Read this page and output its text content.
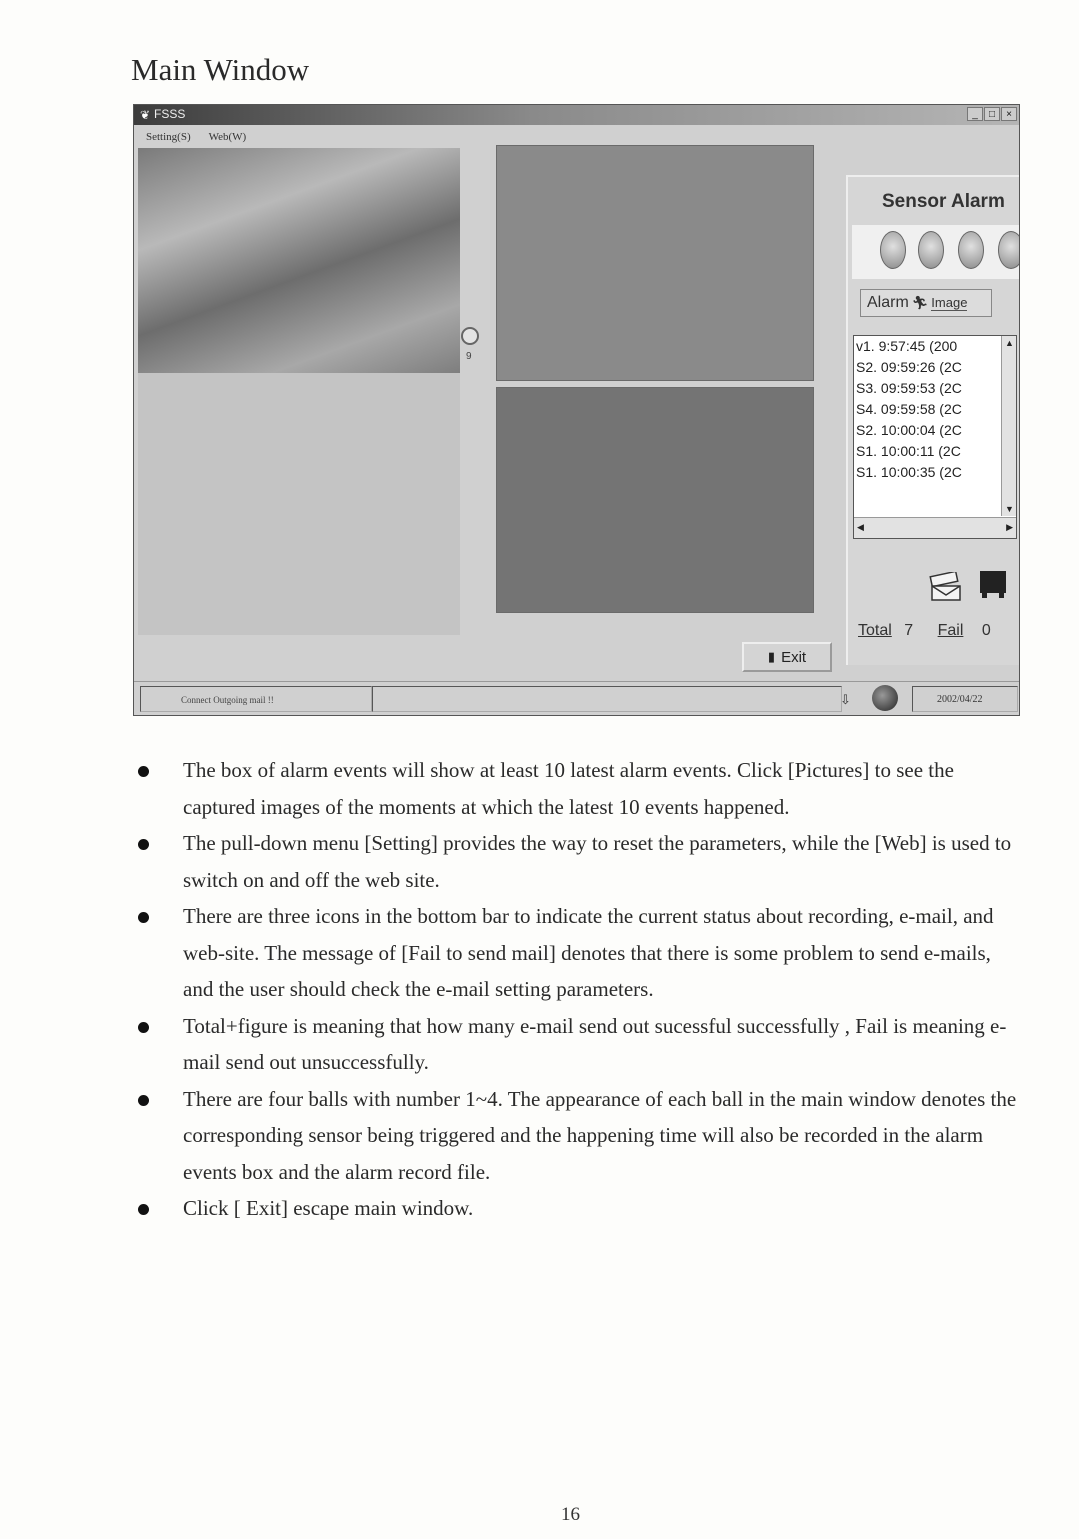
Main Window
❦ FSSS	_	□	×
Setting(S) Web(W)
9
▮ Exit
Sensor Alarm
Alarm 🏃︎ Image
v1. 9:57:45 (200
S2. 09:59:26 (2C
S3. 09:59:53 (2C
S4. 09:59:58 (2C
S2. 10:00:04 (2C
S1. 10:00:11 (2C
S1. 10:00:35 (2C
▲
▼
◀	▶
Total 7 Fail 0
Connect Outgoing mail !!	⇩	2002/04/22
The box of alarm events will show at least 10 latest alarm events. Click [Pictures] to see the captured images of the moments at which the latest 10 events happened.
The pull-down menu [Setting] provides the way to reset the parameters, while the [Web] is used to switch on and off the web site.
There are three icons in the bottom bar to indicate the current status about recording, e-mail, and web-site. The message of [Fail to send mail] denotes that there is some problem to send e-mails, and the user should check the e-mail setting parameters.
Total+figure is meaning that how many e-mail send out sucessful successfully , Fail is meaning e-mail send out unsuccessfully.
There are four balls with number 1~4. The appearance of each ball in the main window denotes the corresponding sensor being triggered and the happening time will also be recorded in the alarm events box and the alarm record file.
Click [ Exit] escape main window.
16
